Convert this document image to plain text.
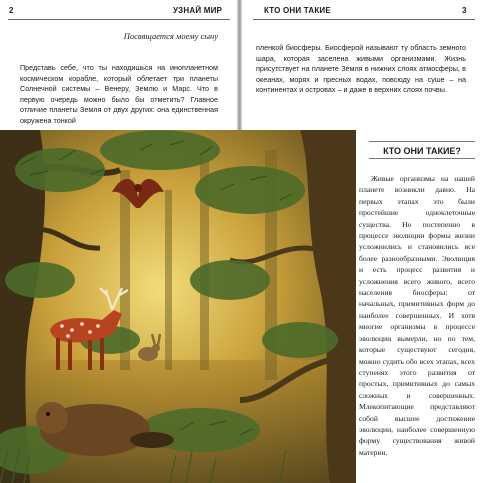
2	УЗНАЙ МИР
Посвящается моему сыну

Представь себе, что ты находишься на инопланетном космическом корабле, который облетает три планеты Солнечной системы – Венеру, Землю и Марс. Что в первую очередь можно было бы отметить? Главное отличие планеты Земля от двух других: она единственная окружена тонкой

КТО ОНИ ТАКИЕ	3

пленкой биосферы. Биосферой называют ту область земного шара, которая заселена живыми организмами. Жизнь присутствует на планете Земля в нижних слоях атмосферы, в океанах, морях и пресных водах, повсюду на суше – на континентах и островах – и даже в верхних слоях почвы.

КТО ОНИ ТАКИЕ?

Живые организмы на нашей планете возникли давно. На первых этапах это были простейшие одноклеточные существа. Но постепенно в процессе эволюции формы жизни усложнились и становились все более разнообразными. Эволюция и есть процесс развития и усложнения всего живого, всего населения биосферы: от начальных, примитивных форм до наиболее совершенных. И хотя многие организмы в процессе эволюции вымерли, но по тем, которые существуют сегодня, можно судить обо всех этапах, всех ступенях этого развития от простых, примитивных до самых сложных и совершенных. Млекопитающие представляют собой высшее достижение эволюции, наиболее совершенную форму существования живой материи.
